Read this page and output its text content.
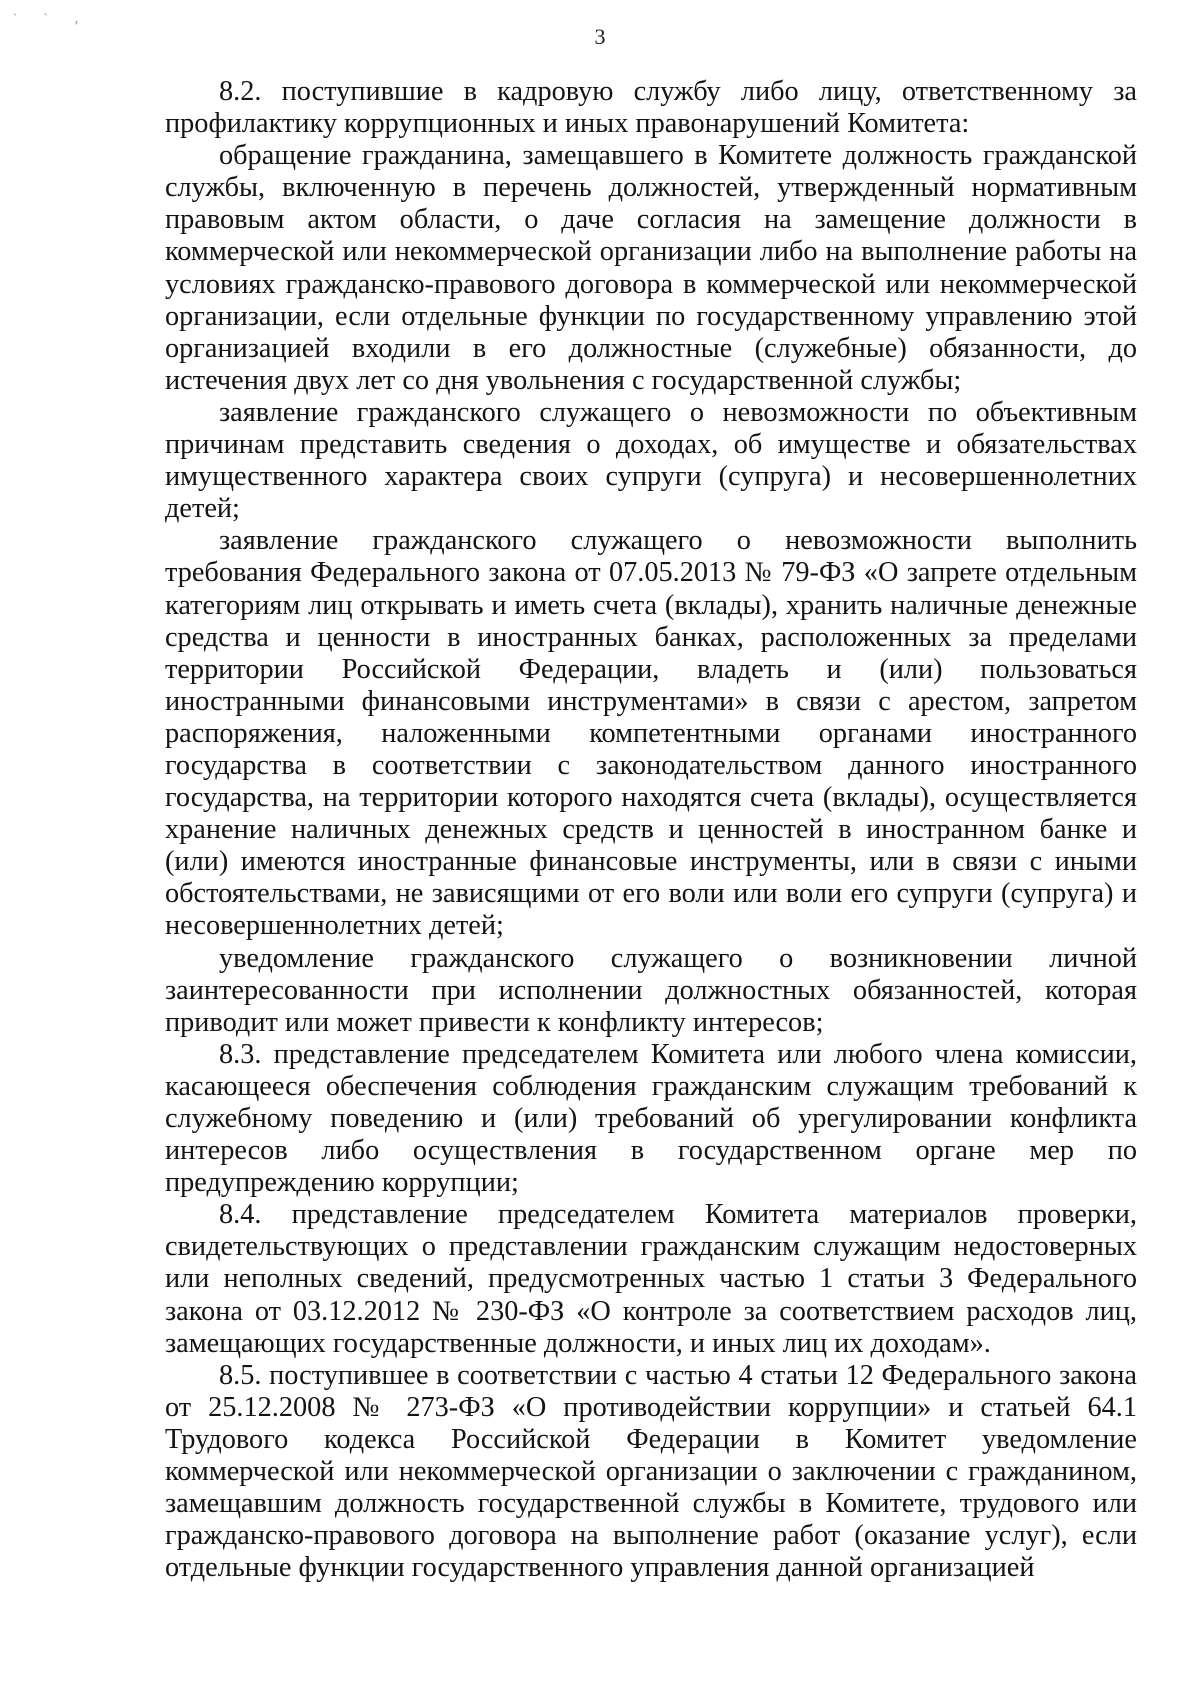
` ` ,
3

8.2. поступившие в кадровую службу либо лицу, ответственному за профилактику коррупционных и иных правонарушений Комитета:

обращение гражданина, замещавшего в Комитете должность гражданской службы, включенную в перечень должностей, утвержденный нормативным правовым актом области, о даче согласия на замещение должности в коммерческой или некоммерческой организации либо на выполнение работы на условиях гражданско-правового договора в коммерческой или некоммерческой организации, если отдельные функции по государственному управлению этой организацией входили в его должностные (служебные) обязанности, до истечения двух лет со дня увольнения с государственной службы;

заявление гражданского служащего о невозможности по объективным причинам представить сведения о доходах, об имуществе и обязательствах имущественного характера своих супруги (супруга) и несовершеннолетних детей;

заявление гражданского служащего о невозможности выполнить требования Федерального закона от 07.05.2013 № 79-ФЗ «О запрете отдельным категориям лиц открывать и иметь счета (вклады), хранить наличные денежные средства и ценности в иностранных банках, расположенных за пределами территории Российской Федерации, владеть и (или) пользоваться иностранными финансовыми инструментами» в связи с арестом, запретом распоряжения, наложенными компетентными органами иностранного государства в соответствии с законодательством данного иностранного государства, на территории которого находятся счета (вклады), осуществляется хранение наличных денежных средств и ценностей в иностранном банке и (или) имеются иностранные финансовые инструменты, или в связи с иными обстоятельствами, не зависящими от его воли или воли его супруги (супруга) и несовершеннолетних детей;

уведомление гражданского служащего о возникновении личной заинтересованности при исполнении должностных обязанностей, которая приводит или может привести к конфликту интересов;

8.3. представление председателем Комитета или любого члена комиссии, касающееся обеспечения соблюдения гражданским служащим требований к служебному поведению и (или) требований об урегулировании конфликта интересов либо осуществления в государственном органе мер по предупреждению коррупции;

8.4. представление председателем Комитета материалов проверки, свидетельствующих о представлении гражданским служащим недостоверных или неполных сведений, предусмотренных частью 1 статьи 3 Федерального закона от 03.12.2012 № 230-ФЗ «О контроле за соответствием расходов лиц, замещающих государственные должности, и иных лиц их доходам».

8.5. поступившее в соответствии с частью 4 статьи 12 Федерального закона от 25.12.2008 № 273-ФЗ «О противодействии коррупции» и статьей 64.1 Трудового кодекса Российской Федерации в Комитет уведомление коммерческой или некоммерческой организации о заключении с гражданином, замещавшим должность государственной службы в Комитете, трудового или гражданско-правового договора на выполнение работ (оказание услуг), если отдельные функции государственного управления данной организацией
